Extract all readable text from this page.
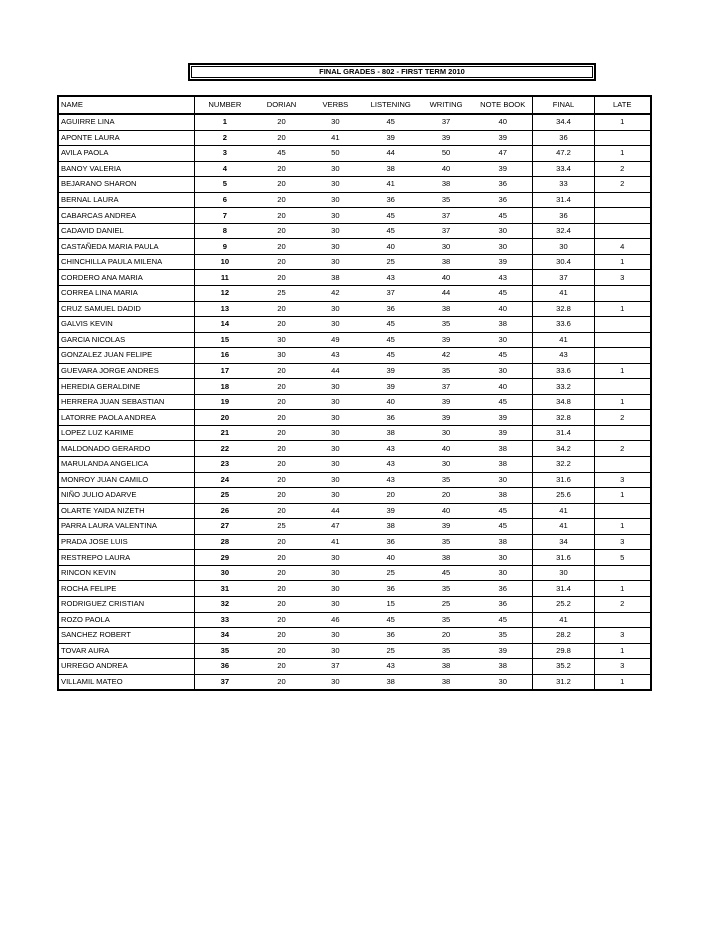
FINAL GRADES - 802 - FIRST TERM 2010
NAME	NUMBER	DORIAN	VERBS	LISTENING	WRITING	NOTE BOOK	FINAL	LATE
AGUIRRE LINA	1	20	30	45	37	40	34.4	1
APONTE LAURA	2	20	41	39	39	39	36	
AVILA PAOLA	3	45	50	44	50	47	47.2	1
BANOY VALERIA	4	20	30	38	40	39	33.4	2
BEJARANO SHARON	5	20	30	41	38	36	33	2
BERNAL LAURA	6	20	30	36	35	36	31.4	
CABARCAS ANDREA	7	20	30	45	37	45	36	
CADAVID DANIEL	8	20	30	45	37	30	32.4	
CASTAÑEDA MARIA PAULA	9	20	30	40	30	30	30	4
CHINCHILLA PAULA MILENA	10	20	30	25	38	39	30.4	1
CORDERO ANA MARIA	11	20	38	43	40	43	37	3
CORREA LINA MARIA	12	25	42	37	44	45	41	
CRUZ SAMUEL DADID	13	20	30	36	38	40	32.8	1
GALVIS KEVIN	14	20	30	45	35	38	33.6	
GARCIA NICOLAS	15	30	49	45	39	30	41	
GONZALEZ JUAN FELIPE	16	30	43	45	42	45	43	
GUEVARA JORGE ANDRES	17	20	44	39	35	30	33.6	1
HEREDIA GERALDINE	18	20	30	39	37	40	33.2	
HERRERA JUAN SEBASTIAN	19	20	30	40	39	45	34.8	1
LATORRE PAOLA ANDREA	20	20	30	36	39	39	32.8	2
LOPEZ LUZ KARIME	21	20	30	38	30	39	31.4	
MALDONADO GERARDO	22	20	30	43	40	38	34.2	2
MARULANDA ANGELICA	23	20	30	43	30	38	32.2	
MONROY JUAN CAMILO	24	20	30	43	35	30	31.6	3
NIÑO JULIO ADARVE	25	20	30	20	20	38	25.6	1
OLARTE YAIDA NIZETH	26	20	44	39	40	45	41	
PARRA LAURA VALENTINA	27	25	47	38	39	45	41	1
PRADA JOSE LUIS	28	20	41	36	35	38	34	3
RESTREPO LAURA	29	20	30	40	38	30	31.6	5
RINCON KEVIN	30	20	30	25	45	30	30	
ROCHA FELIPE	31	20	30	36	35	36	31.4	1
RODRIGUEZ CRISTIAN	32	20	30	15	25	36	25.2	2
ROZO PAOLA	33	20	46	45	35	45	41	
SANCHEZ ROBERT	34	20	30	36	20	35	28.2	3
TOVAR AURA	35	20	30	25	35	39	29.8	1
URREGO ANDREA	36	20	37	43	38	38	35.2	3
VILLAMIL MATEO	37	20	30	38	38	30	31.2	1
